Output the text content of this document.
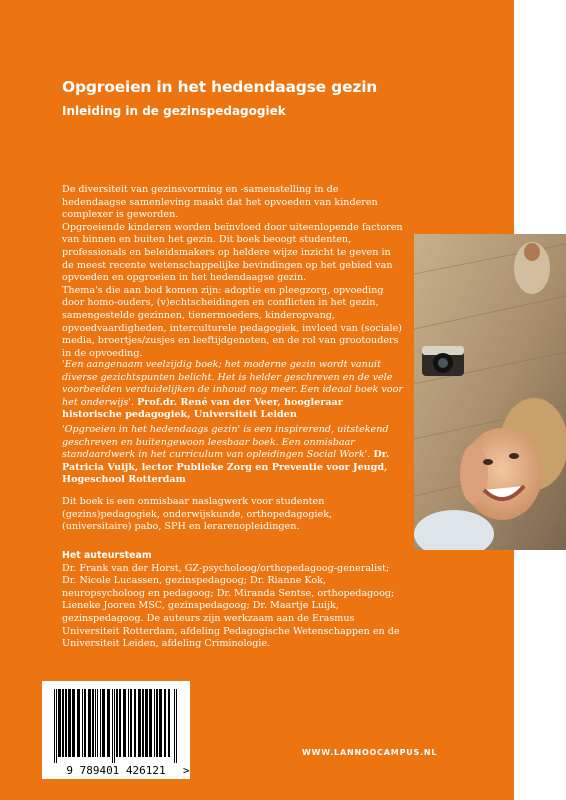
Opgroeien in het hedendaagse gezin
Inleiding in de gezinspedagogiek

De diversiteit van gezinsvorming en -samenstelling in de hedendaagse samenleving maakt dat het opvoeden van kinderen complexer is geworden.

Opgroeiende kinderen worden beïnvloed door uiteenlopende factoren van binnen en buiten het gezin. Dit boek beoogt studenten, professionals en beleidsmakers op heldere wijze inzicht te geven in de meest recente wetenschappelijke bevindingen op het gebied van opvoeden en opgroeien in het hedendaagse gezin.

Thema's die aan bod komen zijn: adoptie en pleegzorg, opvoeding door homo-ouders, (v)echtscheidingen en conflicten in het gezin, samengestelde gezinnen, tienermoeders, kinderopvang, opvoedvaardigheden, interculturele pedagogiek, invloed van (sociale) media, broertjes/zusjes en leeftijdgenoten, en de rol van grootouders in de opvoeding.

'Een aangenaam veelzijdig boek; het moderne gezin wordt vanuit diverse gezichtspunten belicht. Het is helder geschreven en de vele voorbeelden verduidelijken de inhoud nog meer. Een ideaal boek voor het onderwijs'. Prof.dr. René van der Veer, hoogleraar historische pedagogiek, Universiteit Leiden
'Opgroeien in het hedendaags gezin' is een inspirerend, uitstekend geschreven en buitengewoon leesbaar boek. Een onmisbaar standaardwerk in het curriculum van opleidingen Social Work'. Dr. Patricia Vuijk, lector Publieke Zorg en Preventie voor Jeugd, Hogeschool Rotterdam
Dit boek is een onmisbaar naslagwerk voor studenten (gezins)pedagogiek, onderwijskunde, orthopedagogiek, (universitaire) pabo, SPH en lerarenopleidingen.
Het auteursteam
Dr. Frank van der Horst, GZ-psycholoog/orthopedagoog-generalist; Dr. Nicole Lucassen, gezinspedagoog; Dr. Rianne Kok, neuropsycholoog en pedagoog; Dr. Miranda Sentse, orthopedagoog; Lieneke Jooren MSC, gezinspedagoog; Dr. Maartje Luijk, gezinspedagoog. De auteurs zijn werkzaam aan de Erasmus Universiteit Rotterdam, afdeling Pedagogische Wetenschappen en de Universiteit Leiden, afdeling Criminologie.
9 789401 426121 >
WWW.LANNOOCAMPUS.NL
